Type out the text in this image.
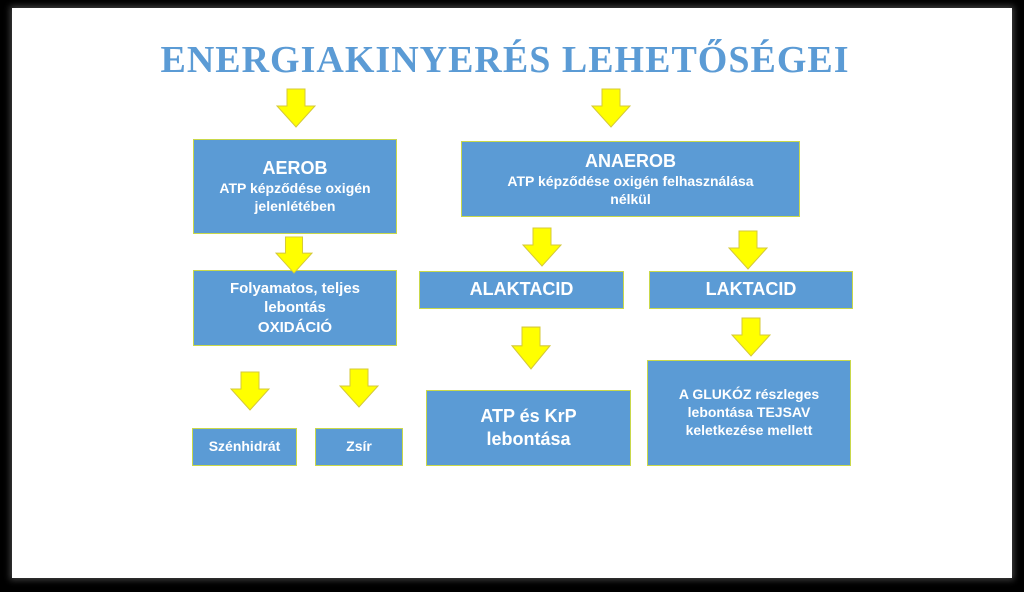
ENERGIAKINYERÉS LEHETŐSÉGEI
AEROB
ATP képződése oxigén
jelenlétében
Folyamatos, teljes
lebontás
OXIDÁCIÓ
Szénhidrát	Zsír
ANAEROB
ATP képződése oxigén felhasználása
nélkül
ALAKTACID	LAKTACID
ATP és KrP
lebontása
A GLUKÓZ részleges
lebontása TEJSAV
keletkezése mellett
